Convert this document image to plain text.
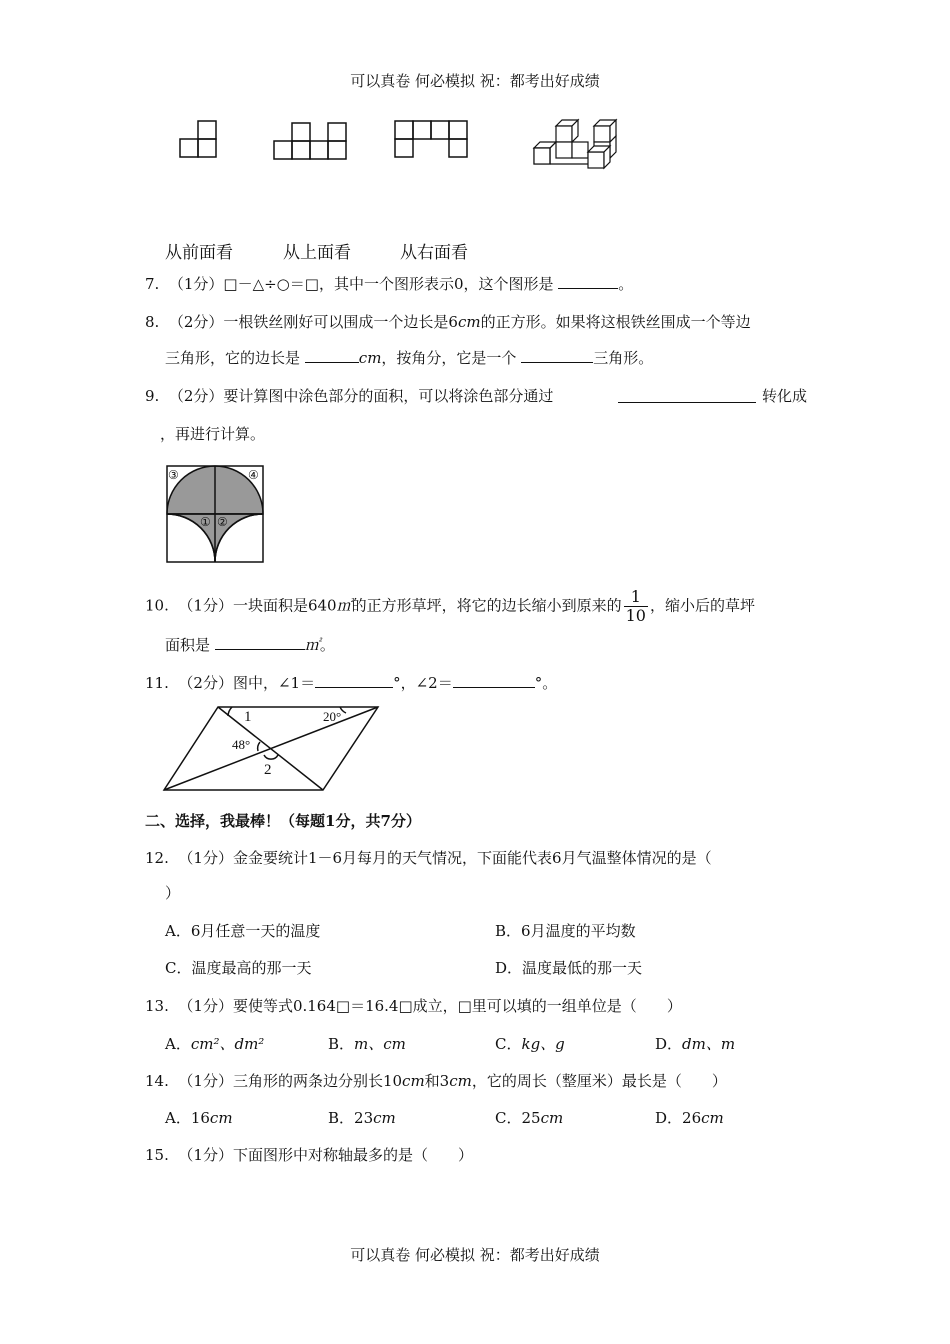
可以真卷 何必模拟 祝：都考出好成绩
从前面看	从上面看	从右面看
7. （1分）□－△÷○＝□，其中一个图形表示0，这个图形是	。
8. （2分）一根铁丝刚好可以围成一个边长是6cm的正方形。如果将这根铁丝围成一个等边
三角形，它的边长是	cm，按角分，它是一个	三角形。
9. （2分）要计算图中涂色部分的面积，可以将涂色部分通过	转化成
，再进行计算。
③	④
① ②
10. （1分）一块面积是640㎡的正方形草坪，将它的边长缩小到原来的 $\frac{1}{10}$ ，缩小后的草坪
面积是	㎡。
11. （2分）图中，∠1＝	°，∠2＝	°。
1
2
20°
48°
二、选择，我最棒！（每题1分，共7分）
12. （1分）金金要统计1－6月每月的天气情况，下面能代表6月气温整体情况的是（
）
A．6月任意一天的温度	B．6月温度的平均数
C．温度最高的那一天	D．温度最低的那一天
13. （1分）要使等式0.164□＝16.4□成立，□里可以填的一组单位是（　　）
A．cm²、dm²	B．m、cm	C．kg、g	D．dm、m
14. （1分）三角形的两条边分别长10cm和3cm，它的周长（整厘米）最长是（　　）
A．16cm	B．23cm	C．25cm	D．26cm
15. （1分）下面图形中对称轴最多的是（　　）
可以真卷 何必模拟 祝：都考出好成绩
